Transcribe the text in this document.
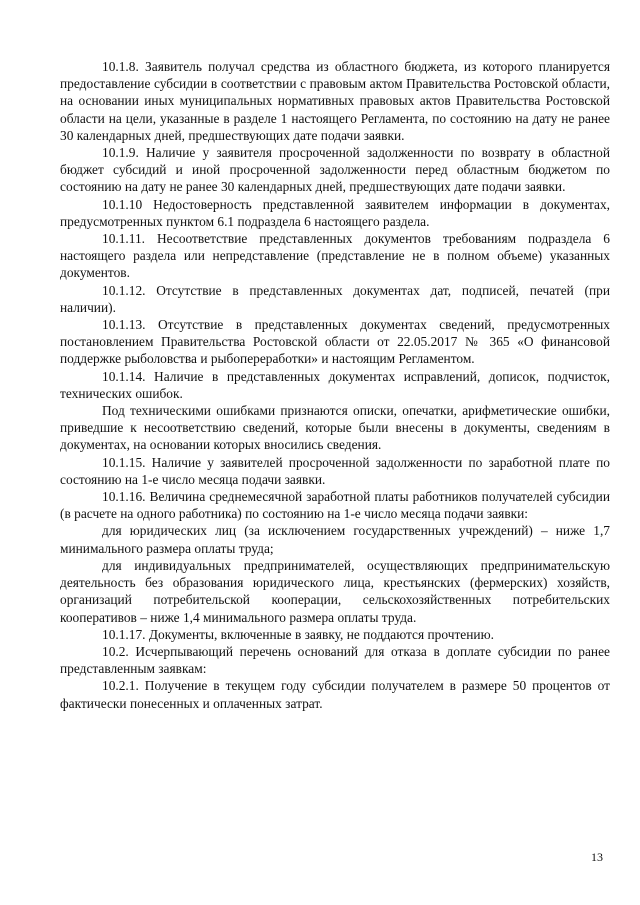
10.1.8. Заявитель получал средства из областного бюджета, из которого планируется предоставление субсидии в соответствии с правовым актом Правительства Ростовской области, на основании иных муниципальных нормативных правовых актов Правительства Ростовской области на цели, указанные в разделе 1 настоящего Регламента, по состоянию на дату не ранее 30 календарных дней, предшествующих дате подачи заявки.

10.1.9. Наличие у заявителя просроченной задолженности по возврату в областной бюджет субсидий и иной просроченной задолженности перед областным бюджетом по состоянию на дату не ранее 30 календарных дней, предшествующих дате подачи заявки.

10.1.10 Недостоверность представленной заявителем информации в документах, предусмотренных пунктом 6.1 подраздела 6 настоящего раздела.

10.1.11. Несоответствие представленных документов требованиям подраздела 6 настоящего раздела или непредставление (представление не в полном объеме) указанных документов.

10.1.12. Отсутствие в представленных документах дат, подписей, печатей (при наличии).

10.1.13. Отсутствие в представленных документах сведений, предусмотренных постановлением Правительства Ростовской области от 22.05.2017 № 365 «О финансовой поддержке рыболовства и рыбопереработки» и настоящим Регламентом.

10.1.14. Наличие в представленных документах исправлений, дописок, подчисток, технических ошибок.

Под техническими ошибками признаются описки, опечатки, арифметические ошибки, приведшие к несоответствию сведений, которые были внесены в документы, сведениям в документах, на основании которых вносились сведения.

10.1.15. Наличие у заявителей просроченной задолженности по заработной плате по состоянию на 1-е число месяца подачи заявки.

10.1.16. Величина среднемесячной заработной платы работников получателей субсидии (в расчете на одного работника) по состоянию на 1-е число месяца подачи заявки:

для юридических лиц (за исключением государственных учреждений) – ниже 1,7 минимального размера оплаты труда;

для индивидуальных предпринимателей, осуществляющих предпринимательскую деятельность без образования юридического лица, крестьянских (фермерских) хозяйств, организаций потребительской кооперации, сельскохозяйственных потребительских кооперативов – ниже 1,4 минимального размера оплаты труда.

10.1.17. Документы, включенные в заявку, не поддаются прочтению.

10.2. Исчерпывающий перечень оснований для отказа в доплате субсидии по ранее представленным заявкам:

10.2.1. Получение в текущем году субсидии получателем в размере 50 процентов от фактически понесенных и оплаченных затрат.

13
